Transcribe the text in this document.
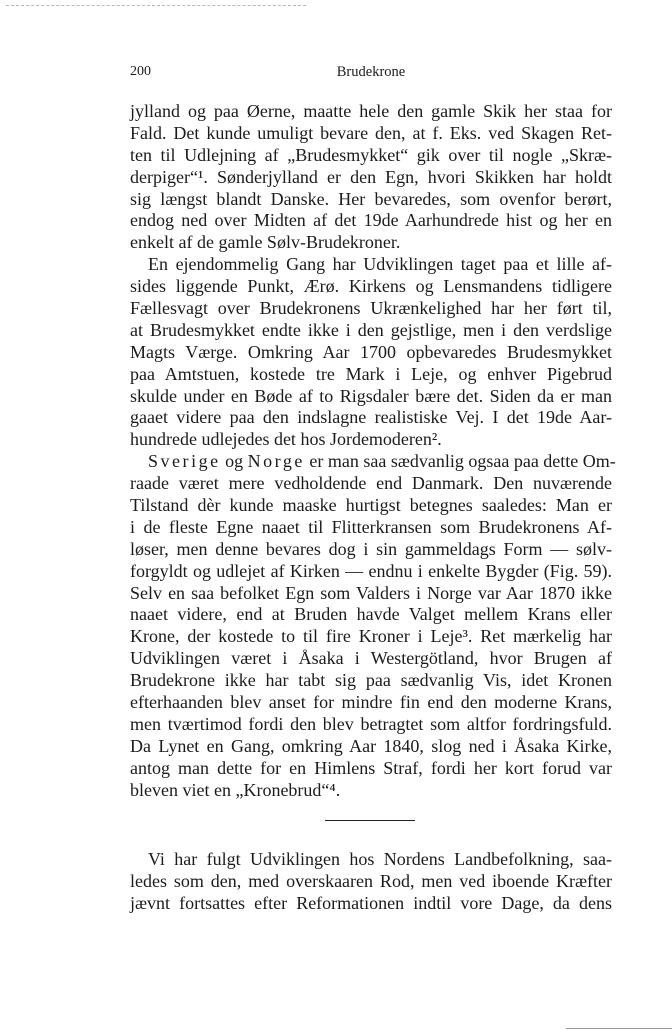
200	Brudekrone
jylland og paa Øerne, maatte hele den gamle Skik her staa for
Fald. Det kunde umuligt bevare den, at f. Eks. ved Skagen Ret-
ten til Udlejning af „Brudesmykket“ gik over til nogle „Skræ-
derpiger“¹. Sønderjylland er den Egn, hvori Skikken har holdt
sig længst blandt Danske. Her bevaredes, som ovenfor berørt,
endog ned over Midten af det 19de Aarhundrede hist og her en
enkelt af de gamle Sølv-Brudekroner.
En ejendommelig Gang har Udviklingen taget paa et lille af-
sides liggende Punkt, Ærø. Kirkens og Lensmandens tidligere
Fællesvagt over Brudekronens Ukrænkelighed har her ført til,
at Brudesmykket endte ikke i den gejstlige, men i den verdslige
Magts Værge. Omkring Aar 1700 opbevaredes Brudesmykket
paa Amtstuen, kostede tre Mark i Leje, og enhver Pigebrud
skulde under en Bøde af to Rigsdaler bære det. Siden da er man
gaaet videre paa den indslagne realistiske Vej. I det 19de Aar-
hundrede udlejedes det hos Jordemoderen².
Sverige og Norge er man saa sædvanlig ogsaa paa dette Om-
raade været mere vedholdende end Danmark. Den nuværende
Tilstand dèr kunde maaske hurtigst betegnes saaledes: Man er
i de fleste Egne naaet til Flitterkransen som Brudekronens Af-
løser, men denne bevares dog i sin gammeldags Form — sølv-
forgyldt og udlejet af Kirken — endnu i enkelte Bygder (Fig. 59).
Selv en saa befolket Egn som Valders i Norge var Aar 1870 ikke
naaet videre, end at Bruden havde Valget mellem Krans eller
Krone, der kostede to til fire Kroner i Leje³. Ret mærkelig har
Udviklingen været i Åsaka i Westergötland, hvor Brugen af
Brudekrone ikke har tabt sig paa sædvanlig Vis, idet Kronen
efterhaanden blev anset for mindre fin end den moderne Krans,
men tværtimod fordi den blev betragtet som altfor fordringsfuld.
Da Lynet en Gang, omkring Aar 1840, slog ned i Åsaka Kirke,
antog man dette for en Himlens Straf, fordi her kort forud var
bleven viet en „Kronebrud“⁴.
Vi har fulgt Udviklingen hos Nordens Landbefolkning, saa-
ledes som den, med overskaaren Rod, men ved iboende Kræfter
jævnt fortsattes efter Reformationen indtil vore Dage, da dens
